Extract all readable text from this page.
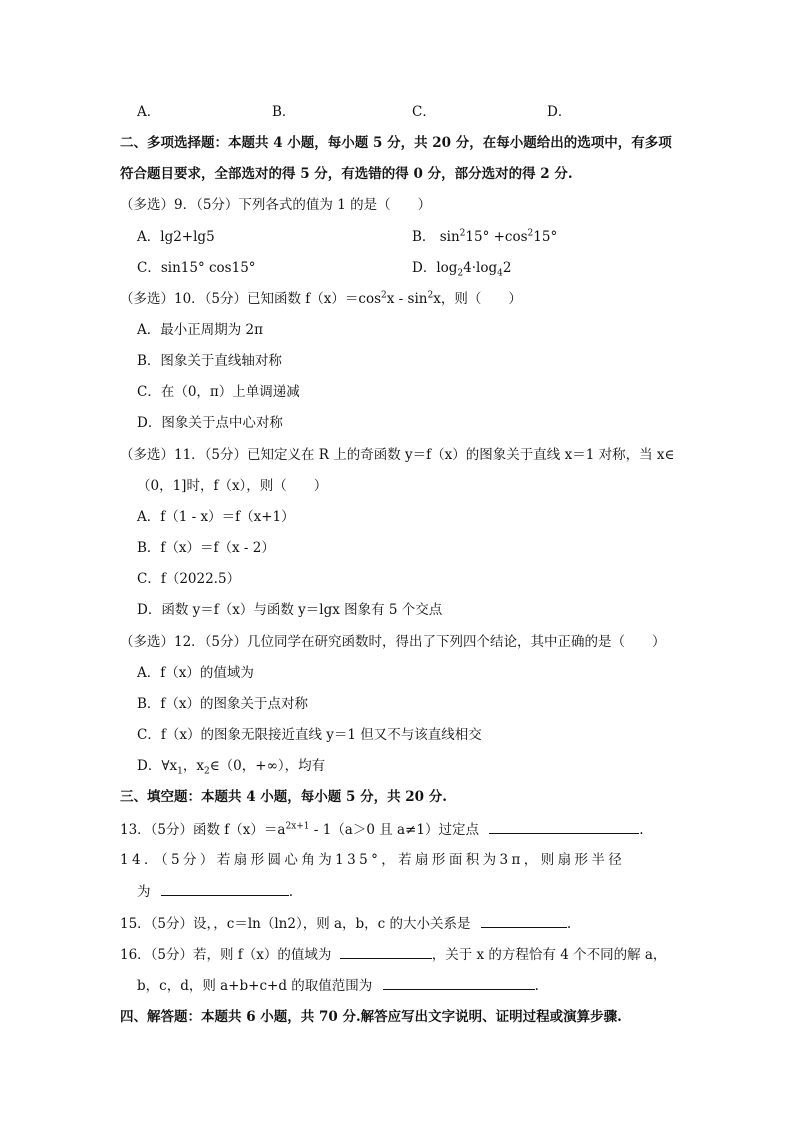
A．	B．	C．	D．
二、多项选择题：本题共 4 小题，每小题 5 分，共 20 分，在每小题给出的选项中，有多项
符合题目要求，全部选对的得 5 分，有选错的得 0 分，部分选对的得 2 分.
（多选）9．（5分）下列各式的值为 1 的是（　　）
A．lg2+lg5	B． $\sin^215^\circ +\cos^215^\circ$
C．sin15° cos15°	D．$\log_24\cdot\log_42$
（多选）10．（5分）已知函数 $f(x)=\cos^2x - \sin^2x$，则（　　）
A．最小正周期为 2π
B．图象关于直线轴对称
C．在（0，π）上单调递减
D．图象关于点中心对称
（多选）11．（5分）已知定义在 R 上的奇函数 y＝f（x）的图象关于直线 x＝1 对称，当 x∈
（0，1]时，f（x），则（　　）
A．f（1 - x）＝f（x+1）
B．f（x）＝f（x - 2）
C．f（2022.5）
D．函数 y＝f（x）与函数 y＝lgx 图象有 5 个交点
（多选）12．（5分）几位同学在研究函数时，得出了下列四个结论，其中正确的是（　　）
A．f（x）的值域为
B．f（x）的图象关于点对称
C．f（x）的图象无限接近直线 y＝1 但又不与该直线相交
D．$\forall x_1$，$x_2\in(0$，+∞），均有
三、填空题：本题共 4 小题，每小题 5 分，共 20 分.
13．（5分）函数 $f(x)=a^{2x+1} - 1(a>0$ 且 a≠1）过定点	.
14．（5分）若扇形圆心角为135°，若扇形面积为3π，则扇形半径
为	.
15．（5分）设，，c＝ln（ln2），则 a，b，c 的大小关系是	.
16．（5分）若，则 f（x）的值域为	，关于 x 的方程恰有 4 个不同的解 a，
b，c，d，则 a+b+c+d 的取值范围为	.
四、解答题：本题共 6 小题，共 70 分.解答应写出文字说明、证明过程或演算步骤.
